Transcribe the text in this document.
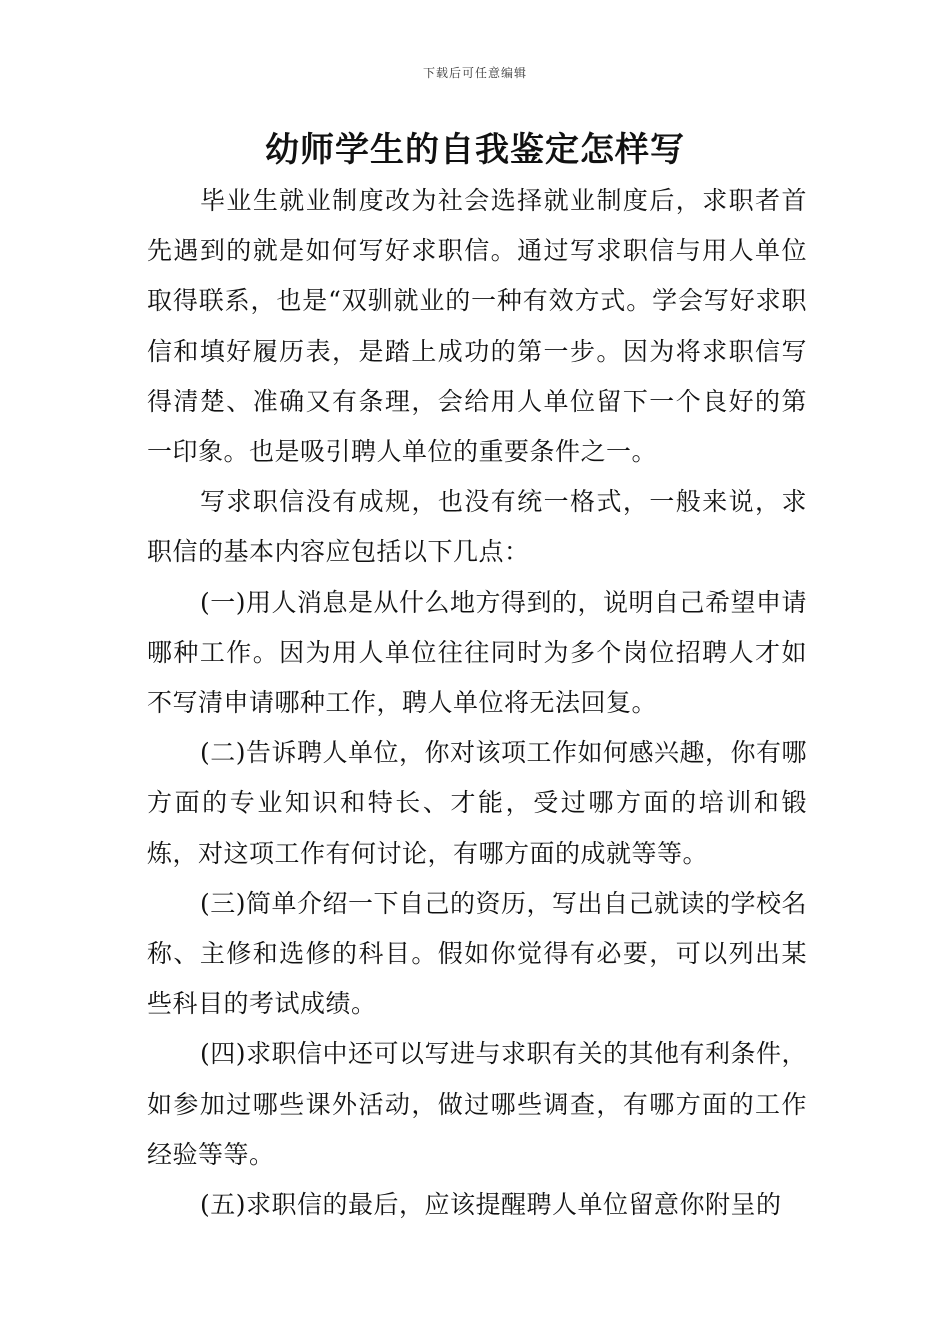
下载后可任意编辑
幼师学生的自我鉴定怎样写

毕业生就业制度改为社会选择就业制度后，求职者首先遇到的就是如何写好求职信。通过写求职信与用人单位取得联系，也是“双驯就业的一种有效方式。学会写好求职信和填好履历表，是踏上成功的第一步。因为将求职信写得清楚、准确又有条理，会给用人单位留下一个良好的第一印象。也是吸引聘人单位的重要条件之一。

写求职信没有成规，也没有统一格式，一般来说，求职信的基本内容应包括以下几点：

(一)用人消息是从什么地方得到的，说明自己希望申请哪种工作。因为用人单位往往同时为多个岗位招聘人才如不写清申请哪种工作，聘人单位将无法回复。

(二)告诉聘人单位，你对该项工作如何感兴趣，你有哪方面的专业知识和特长、才能，受过哪方面的培训和锻炼，对这项工作有何讨论，有哪方面的成就等等。

(三)简单介绍一下自己的资历，写出自己就读的学校名称、主修和选修的科目。假如你觉得有必要，可以列出某些科目的考试成绩。

(四)求职信中还可以写进与求职有关的其他有利条件，如参加过哪些课外活动，做过哪些调查，有哪方面的工作经验等等。

(五)求职信的最后，应该提醒聘人单位留意你附呈的
